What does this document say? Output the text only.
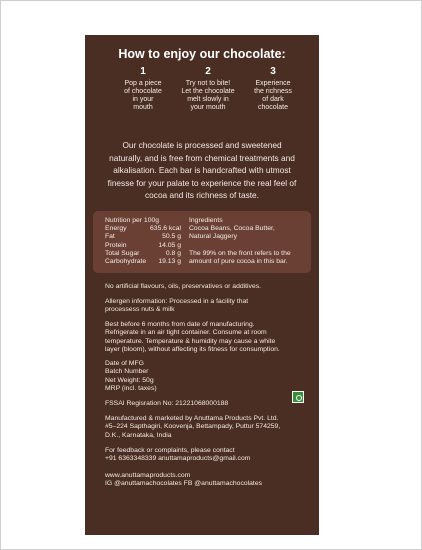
How to enjoy our chocolate:
1
Pop a piece
of chocolate
in your
mouth
2
Try not to bite!
Let the chocolate
melt slowly in
your mouth
3
Experience
the richness
of dark
chocolate
Our chocolate is processed and sweetened
naturally, and is free from chemical treatments and
alkalisation. Each bar is handcrafted with utmost
finesse for your palate to experience the real feel of
cocoa and its richness of taste.
Nutrition per 100g
Energy	635.6 kcal
Fat	50.5 g
Protein	14.05 g
Total Sugar	0.8 g
Carbohydrate 19.13 g
Ingredients
Cocoa Beans, Cocoa Butter,
Natural Jaggery
The 99% on the front refers to the
amount of pure cocoa in this bar.
No artificial flavours, oils, preservatives or additives.
Allergen information: Processed in a facility that
processess nuts & milk
Best before 6 months from date of manufacturing.
Refrigerate in an air tight container. Consume at room
temperature. Temperature & humidity may cause a white
layer (bloom), without affecting its fitness for consumption.
Date of MFG
Batch Number
Net Weight: 50g
MRP (incl. taxes)
FSSAI Regisration No: 21221068000188
Manufactured & marketed by Anuttama Products Pvt. Ltd.
#5–224 Sapthagiri, Koovenja, Bettampady, Puttur 574259,
D.K., Karnataka, India
For feedback or complaints, please contact
+91 6363348339 anuttamaproducts@gmail.com
www.anuttamaproducts.com
IG @anuttamachocolates FB @anuttamachocolates
